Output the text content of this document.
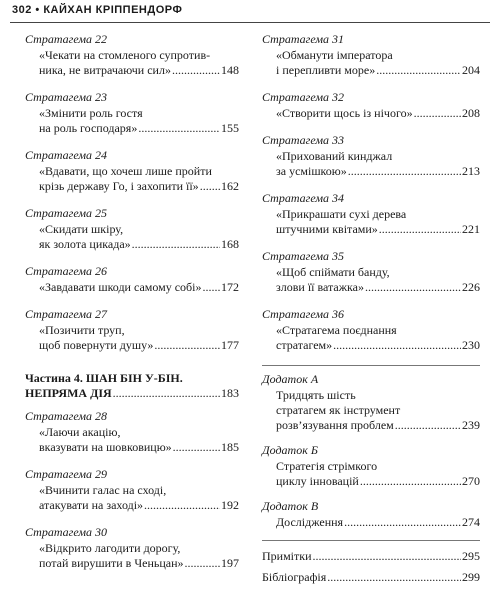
302 • КАЙХАН КРІППЕНДОРФ
Стратагема 22
«Чекати на стомленого супротив-
ника, не витрачаючи сил» .....	148
Стратагема 23
«Змінити роль гостя
на роль господаря» .....	155
Стратагема 24
«Вдавати, що хочеш лише пройти
крізь державу Го, і захопити її» ..... 162
Стратагема 25
«Скидати шкіру,
як золота цикада» .....	168
Стратагема 26
«Завдавати шкоди самому собі» ..... 172
Стратагема 27
«Позичити труп,
щоб повернути душу» .....	177
Частина 4. ШАН БІН У-БІН.
НЕПРЯМА ДІЯ .....	183
Стратагема 28
«Лаючи акацію,
вказувати на шовковицю» .....	185
Стратагема 29
«Вчинити галас на сході,
атакувати на заході» .....	192
Стратагема 30
«Відкрито лагодити дорогу,
потай вирушити в Ченьцан» .....	197
Стратагема 31
«Обманути імператора
і перепливти море» .....	204
Стратагема 32
«Створити щось із нічого» .....	208
Стратагема 33
«Прихований кинджал
за усмішкою» .....	213
Стратагема 34
«Прикрашати сухі дерева
штучними квітами» .....	221
Стратагема 35
«Щоб спіймати банду,
злови її ватажка» .....	226
Стратагема 36
«Стратагема поєднання
стратагем» .....	230
Додаток А
Тридцять шість
стратагем як інструмент
розв’язування проблем .....	239
Додаток Б
Стратегія стрімкого
циклу інновацій .....	270
Додаток В
Дослідження .....	274
Примітки .....	295
Бібліографія .....	299
